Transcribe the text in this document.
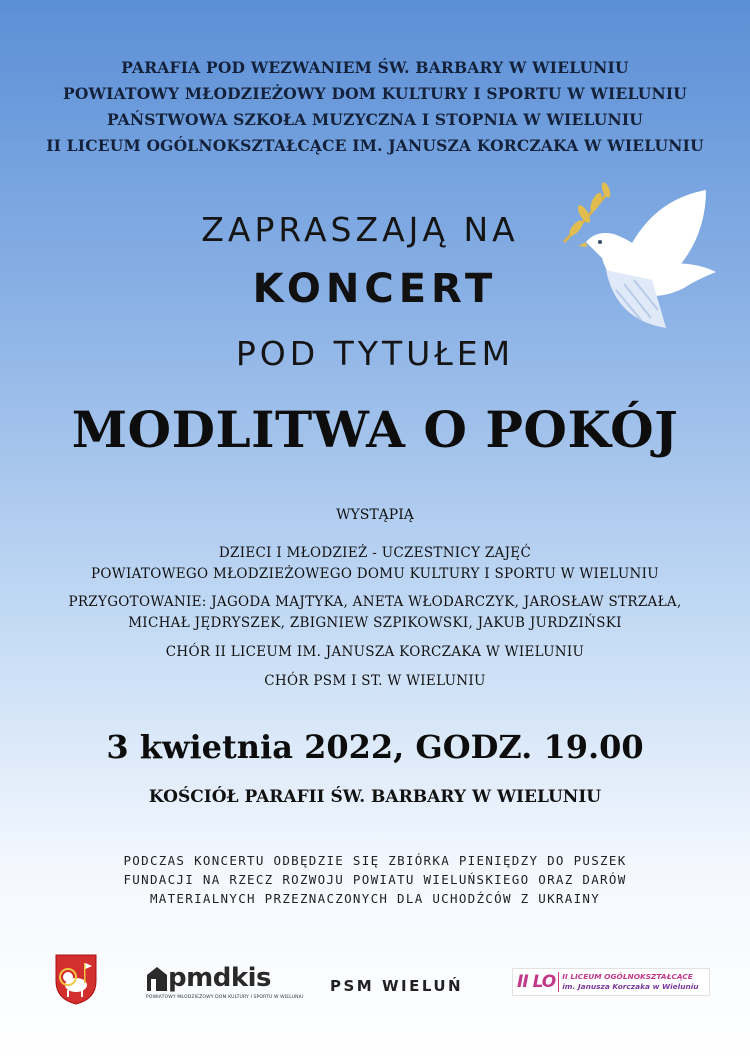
PARAFIA POD WEZWANIEM ŚW. BARBARY W WIELUNIU
POWIATOWY MŁODZIEŻOWY DOM KULTURY I SPORTU W WIELUNIU
PAŃSTWOWA SZKOŁA MUZYCZNA I STOPNIA W WIELUNIU
II LICEUM OGÓLNOKSZTAŁCĄCE IM. JANUSZA KORCZAKA W WIELUNIU
ZAPRASZAJĄ NA
KONCERT
POD TYTUŁEM
MODLITWA O POKÓJ
WYSTĄPIĄ
DZIECI I MŁODZIEŻ - UCZESTNICY ZAJĘĆ
POWIATOWEGO MŁODZIEŻOWEGO DOMU KULTURY I SPORTU W WIELUNIU
PRZYGOTOWANIE: JAGODA MAJTYKA, ANETA WŁODARCZYK, JAROSŁAW STRZAŁA,
MICHAŁ JĘDRYSZEK, ZBIGNIEW SZPIKOWSKI, JAKUB JURDZIŃSKI
CHÓR II LICEUM IM. JANUSZA KORCZAKA W WIELUNIU
CHÓR PSM I ST. W WIELUNIU
3 kwietnia 2022, GODZ. 19.00
KOŚCIÓŁ PARAFII ŚW. BARBARY W WIELUNIU
PODCZAS KONCERTU ODBĘDZIE SIĘ ZBIÓRKA PIENIĘDZY DO PUSZEK
FUNDACJI NA RZECZ ROZWOJU POWIATU WIELUŃSKIEGO ORAZ DARÓW
MATERIALNYCH PRZEZNACZONYCH DLA UCHODŹCÓW Z UKRAINY
pmdkis
POWIATOWY MŁODZIEŻOWY DOM KULTURY I SPORTU W WIELUNIU
PSM WIELUŃ	II LO II LICEUM OGÓLNOKSZTAŁCĄCE
im. Janusza Korczaka w Wieluniu
